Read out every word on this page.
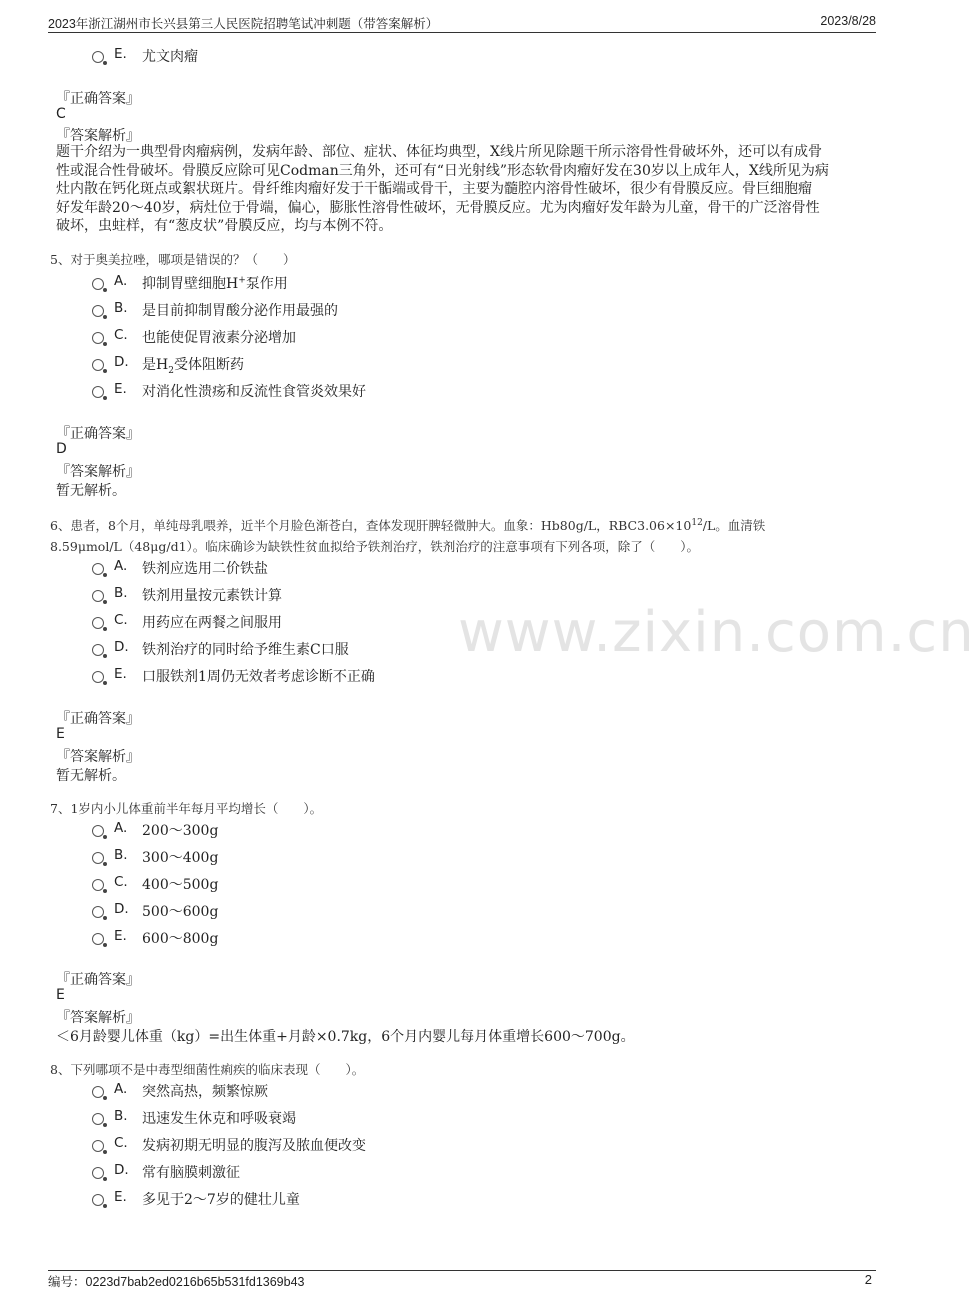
2023年浙江湖州市长兴县第三人民医院招聘笔试冲刺题（带答案解析）	2023/8/28
www.zixin.com.cn
E. 尤文肉瘤
『正确答案』
C
『答案解析』
题干介绍为一典型骨肉瘤病例，发病年龄、部位、症状、体征均典型，X线片所见除题干所示溶骨性骨破坏外，还可以有成骨
性或混合性骨破坏。骨膜反应除可见Codman三角外，还可有“日光射线”形态软骨肉瘤好发在30岁以上成年人，X线所见为病
灶内散在钙化斑点或絮状斑片。骨纤维肉瘤好发于干骺端或骨干，主要为髓腔内溶骨性破坏，很少有骨膜反应。骨巨细胞瘤
好发年龄20～40岁，病灶位于骨端，偏心，膨胀性溶骨性破坏，无骨膜反应。尤为肉瘤好发年龄为儿童，骨干的广泛溶骨性
破坏，虫蛀样，有“葱皮状”骨膜反应，均与本例不符。
5、对于奥美拉唑，哪项是错误的？（　　）
A. 抑制胃壁细胞H+泵作用
B. 是目前抑制胃酸分泌作用最强的
C. 也能使促胃液素分泌增加
D. 是$H_2$受体阻断药
E. 对消化性溃疡和反流性食管炎效果好
『正确答案』
D
『答案解析』
暂无解析。
6、患者，8个月，单纯母乳喂养，近半个月脸色渐苍白，查体发现肝脾轻微肿大。血象：Hb80g/L，$RBC3.06\times 10^{12}/L$。血清铁
8.59μmol/L（48μg/d1）。临床确诊为缺铁性贫血拟给予铁剂治疗，铁剂治疗的注意事项有下列各项，除了（　　）。
A. 铁剂应选用二价铁盐
B. 铁剂用量按元素铁计算
C. 用药应在两餐之间服用
D. 铁剂治疗的同时给予维生素C口服
E. 口服铁剂1周仍无效者考虑诊断不正确
『正确答案』
E
『答案解析』
暂无解析。
7、1岁内小儿体重前半年每月平均增长（　　）。
A. 200～300g
B. 300～400g
C. 400～500g
D. 500～600g
E. 600～800g
『正确答案』
E
『答案解析』
＜6月龄婴儿体重（kg）=出生体重+月龄×0.7kg，6个月内婴儿每月体重增长600～700g。
8、下列哪项不是中毒型细菌性痢疾的临床表现（　　）。
A. 突然高热，频繁惊厥
B. 迅速发生休克和呼吸衰竭
C. 发病初期无明显的腹泻及脓血便改变
D. 常有脑膜刺激征
E. 多见于2～7岁的健壮儿童
编号：0223d7bab2ed0216b65b531fd1369b43	2
